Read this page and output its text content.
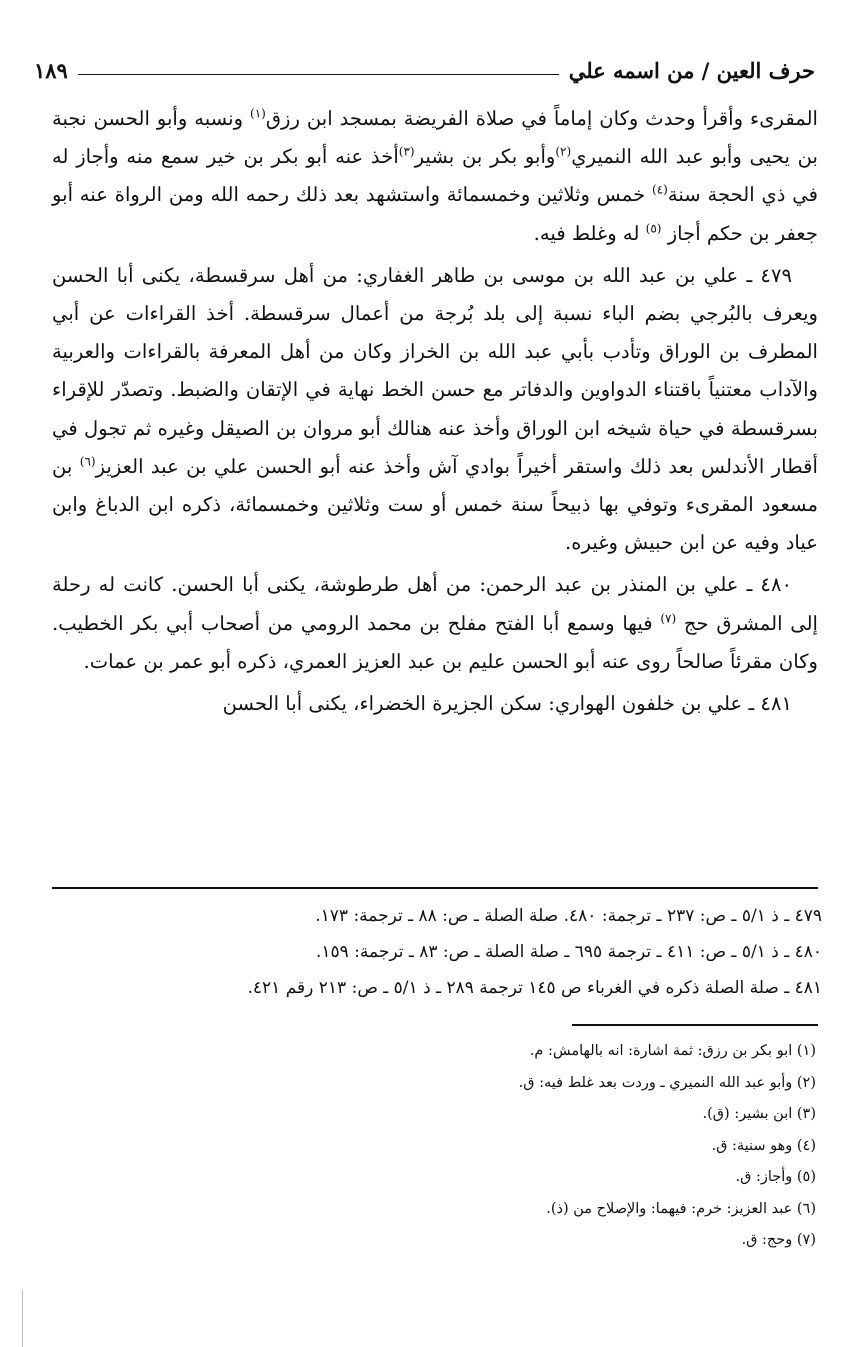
حرف العين / من اسمه علي
١٨٩

المقرىء وأقرأ وحدث وكان إماماً في صلاة الفريضة بمسجد ابن رزق$^{(١)}$ ونسبه وأبو الحسن نجبة بن يحيى وأبو عبد الله النميري$^{(٢)}$وأبو بكر بن بشير$^{(٣)}$أخذ عنه أبو بكر بن خير سمع منه وأجاز له في ذي الحجة سنة$^{(٤)}$ خمس وثلاثين وخمسمائة واستشهد بعد ذلك رحمه الله ومن الرواة عنه أبو جعفر بن حكم أجاز $^{(٥)}$ له وغلط فيه.

٤٧٩ ـ علي بن عبد الله بن موسى بن طاهر الغفاري: من أهل سرقسطة، يكنى أبا الحسن ويعرف بالبُرجي بضم الباء نسبة إلى بلد بُرجة من أعمال سرقسطة. أخذ القراءات عن أبي المطرف بن الوراق وتأدب بأبي عبد الله بن الخراز وكان من أهل المعرفة بالقراءات والعربية والآداب معتنياً باقتناء الدواوين والدفاتر مع حسن الخط نهاية في الإتقان والضبط. وتصدّر للإقراء بسرقسطة في حياة شيخه ابن الوراق وأخذ عنه هنالك أبو مروان بن الصيقل وغيره ثم تجول في أقطار الأندلس بعد ذلك واستقر أخيراً بوادي آش وأخذ عنه أبو الحسن علي بن عبد العزيز$^{(٦)}$ بن مسعود المقرىء وتوفي بها ذبيحاً سنة خمس أو ست وثلاثين وخمسمائة، ذكره ابن الدباغ وابن عياد وفيه عن ابن حبيش وغيره.

٤٨٠ ـ علي بن المنذر بن عبد الرحمن: من أهل طرطوشة، يكنى أبا الحسن. كانت له رحلة إلى المشرق حج $^{(٧)}$ فيها وسمع أبا الفتح مفلح بن محمد الرومي من أصحاب أبي بكر الخطيب. وكان مقرئاً صالحاً روى عنه أبو الحسن عليم بن عبد العزيز العمري، ذكره أبو عمر بن عمات.

٤٨١ ـ علي بن خلفون الهواري: سكن الجزيرة الخضراء، يكنى أبا الحسن

٤٧٩ ـ ذ ٥/١ ـ ص: ٢٣٧ ـ ترجمة: ٤٨٠. صلة الصلة ـ ص: ٨٨ ـ ترجمة: ١٧٣.
٤٨٠ ـ ذ ٥/١ ـ ص: ٤١١ ـ ترجمة ٦٩٥ ـ صلة الصلة ـ ص: ٨٣ ـ ترجمة: ١٥٩.
٤٨١ ـ صلة الصلة ذكره في الغرباء ص ١٤٥ ترجمة ٢٨٩ ـ ذ ٥/١ ـ ص: ٢١٣ رقم ٤٢١.
(١) ابو بكر بن رزق: ثمة اشارة: انه بالهامش: م.
(٢) وأبو عبد الله النميري ـ وردت بعد غلط فيه: ق.
(٣) ابن بشير: (ق).
(٤) وهو سنية: ق.
(٥) وأجاز: ق.
(٦) عبد العزيز: خرم: فيهما: والإصلاح من (ذ).
(٧) وحج: ق.
